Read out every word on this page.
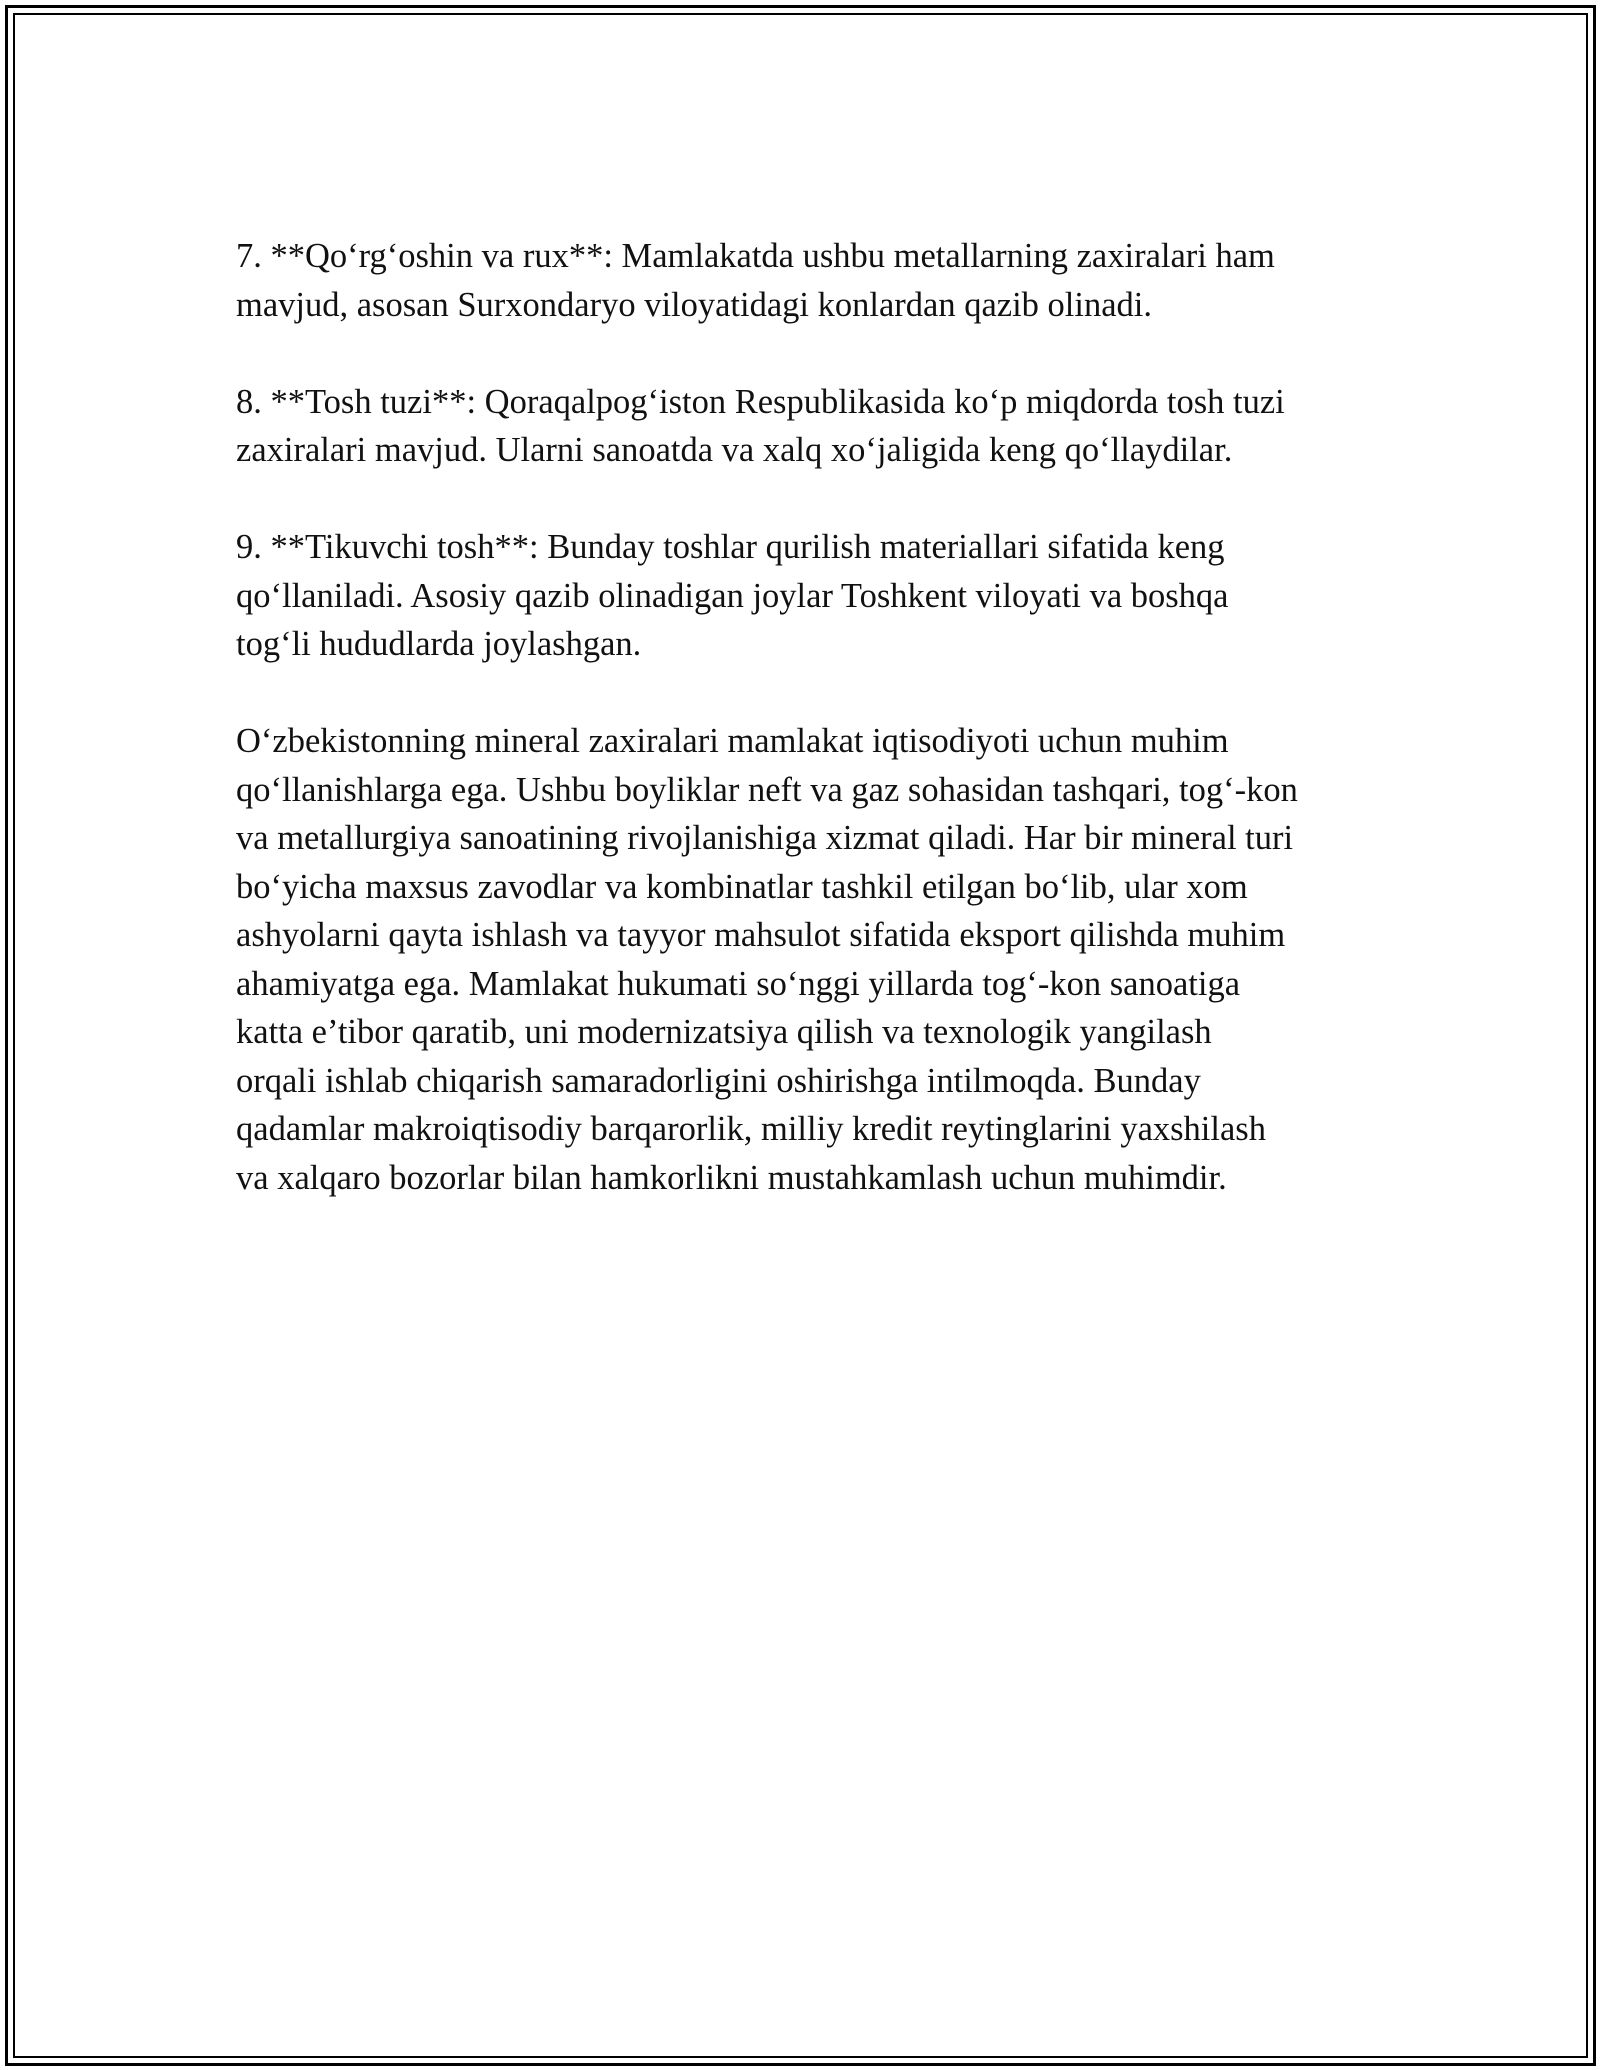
7. **Qo‘rg‘oshin va rux**: Mamlakatda ushbu metallarning zaxiralari ham
mavjud, asosan Surxondaryo viloyatidagi konlardan qazib olinadi.
8. **Tosh tuzi**: Qoraqalpog‘iston Respublikasida ko‘p miqdorda tosh tuzi
zaxiralari mavjud. Ularni sanoatda va xalq xo‘jaligida keng qo‘llaydilar.
9. **Tikuvchi tosh**: Bunday toshlar qurilish materiallari sifatida keng
qo‘llaniladi. Asosiy qazib olinadigan joylar Toshkent viloyati va boshqa
tog‘li hududlarda joylashgan.
O‘zbekistonning mineral zaxiralari mamlakat iqtisodiyoti uchun muhim
qo‘llanishlarga ega. Ushbu boyliklar neft va gaz sohasidan tashqari, tog‘-kon
va metallurgiya sanoatining rivojlanishiga xizmat qiladi. Har bir mineral turi
bo‘yicha maxsus zavodlar va kombinatlar tashkil etilgan bo‘lib, ular xom
ashyolarni qayta ishlash va tayyor mahsulot sifatida eksport qilishda muhim
ahamiyatga ega. Mamlakat hukumati so‘nggi yillarda tog‘-kon sanoatiga
katta e’tibor qaratib, uni modernizatsiya qilish va texnologik yangilash
orqali ishlab chiqarish samaradorligini oshirishga intilmoqda. Bunday
qadamlar makroiqtisodiy barqarorlik, milliy kredit reytinglarini yaxshilash
va xalqaro bozorlar bilan hamkorlikni mustahkamlash uchun muhimdir.
